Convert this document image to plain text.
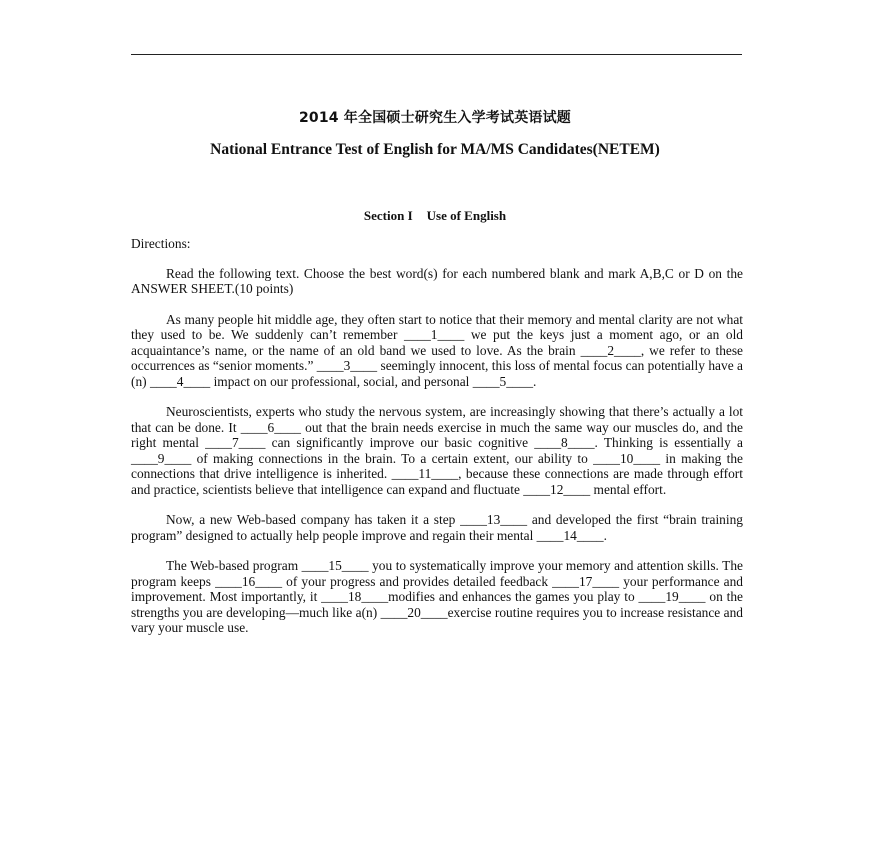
2014 年全国硕士研究生入学考试英语试题
National Entrance Test of English for MA/MS Candidates(NETEM)
Section I Use of English

Directions:

Read the following text. Choose the best word(s) for each numbered blank and mark A,B,C or D on the ANSWER SHEET.(10 points)

As many people hit middle age, they often start to notice that their memory and mental clarity are not what they used to be. We suddenly can’t remember ____1____ we put the keys just a moment ago, or an old acquaintance’s name, or the name of an old band we used to love. As the brain ____2____, we refer to these occurrences as “senior moments.” ____3____ seemingly innocent, this loss of mental focus can potentially have a (n) ____4____ impact on our professional, social, and personal ____5____.

Neuroscientists, experts who study the nervous system, are increasingly showing that there’s actually a lot that can be done. It ____6____ out that the brain needs exercise in much the same way our muscles do, and the right mental ____7____ can significantly improve our basic cognitive ____8____. Thinking is essentially a ____9____ of making connections in the brain. To a certain extent, our ability to ____10____ in making the connections that drive intelligence is inherited. ____11____, because these connections are made through effort and practice, scientists believe that intelligence can expand and fluctuate ____12____ mental effort.

Now, a new Web-based company has taken it a step ____13____ and developed the first “brain training program” designed to actually help people improve and regain their mental ____14____.

The Web-based program ____15____ you to systematically improve your memory and attention skills. The program keeps ____16____ of your progress and provides detailed feedback ____17____ your performance and improvement. Most importantly, it ____18____modifies and enhances the games you play to ____19____ on the strengths you are developing—much like a(n) ____20____exercise routine requires you to increase resistance and vary your muscle use.
